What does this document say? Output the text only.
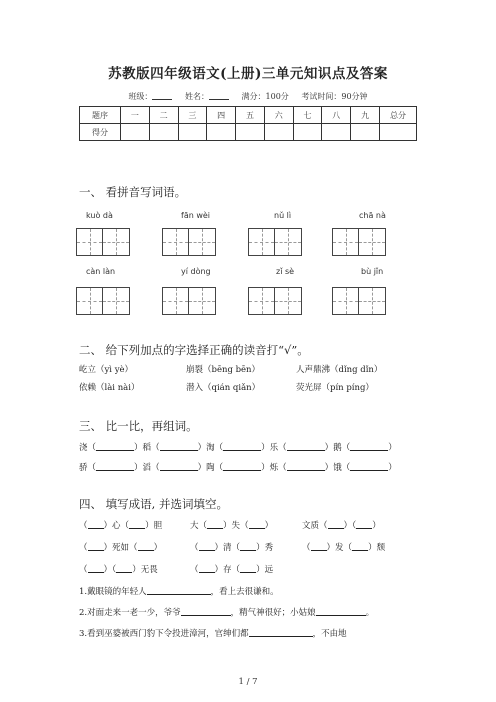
苏教版四年级语文(上册)三单元知识点及答案
班级：	姓名：	满分：100分 考试时间：90分钟
题序	一	二	三	四	五	六	七	八	九	总分
得分										
一、 看拼音写词语。
kuò dà	fān wèi	nǔ lì	chā nà
càn làn	yí dòng	zǐ sè	bù jǐn
二、 给下列加点的字选择正确的读音打“√”。
屹立（yì yè）	崩裂（bēng bēn）	人声鼎沸（dǐng dǐn）
依赖（lài nài）	潜入（qián qiǎn）	荧光屏（pín píng）
三、 比一比，再组词。
浇（	）稻（	）淘（	）乐（	）鹅（	）
骄（	）滔（	）陶（	）烁（	）饿（	）
四、 填写成语, 并选词填空。
（ ）心（ ）胆	大（ ）失（ ）	文质（ ）（ ）
（ ）死如（ ）	（ ）清（ ）秀	（ ）发（ ）颓
（ ）（ ）无畏	（ ）存（ ）远
1.戴眼镜的年轻人	，看上去很谦和。
2.对面走来一老一少，爷爷	，精气神很好；小姑娘	。
3.看到巫婆被西门豹下令投进漳河，官绅们都	，不由地
1 / 7
